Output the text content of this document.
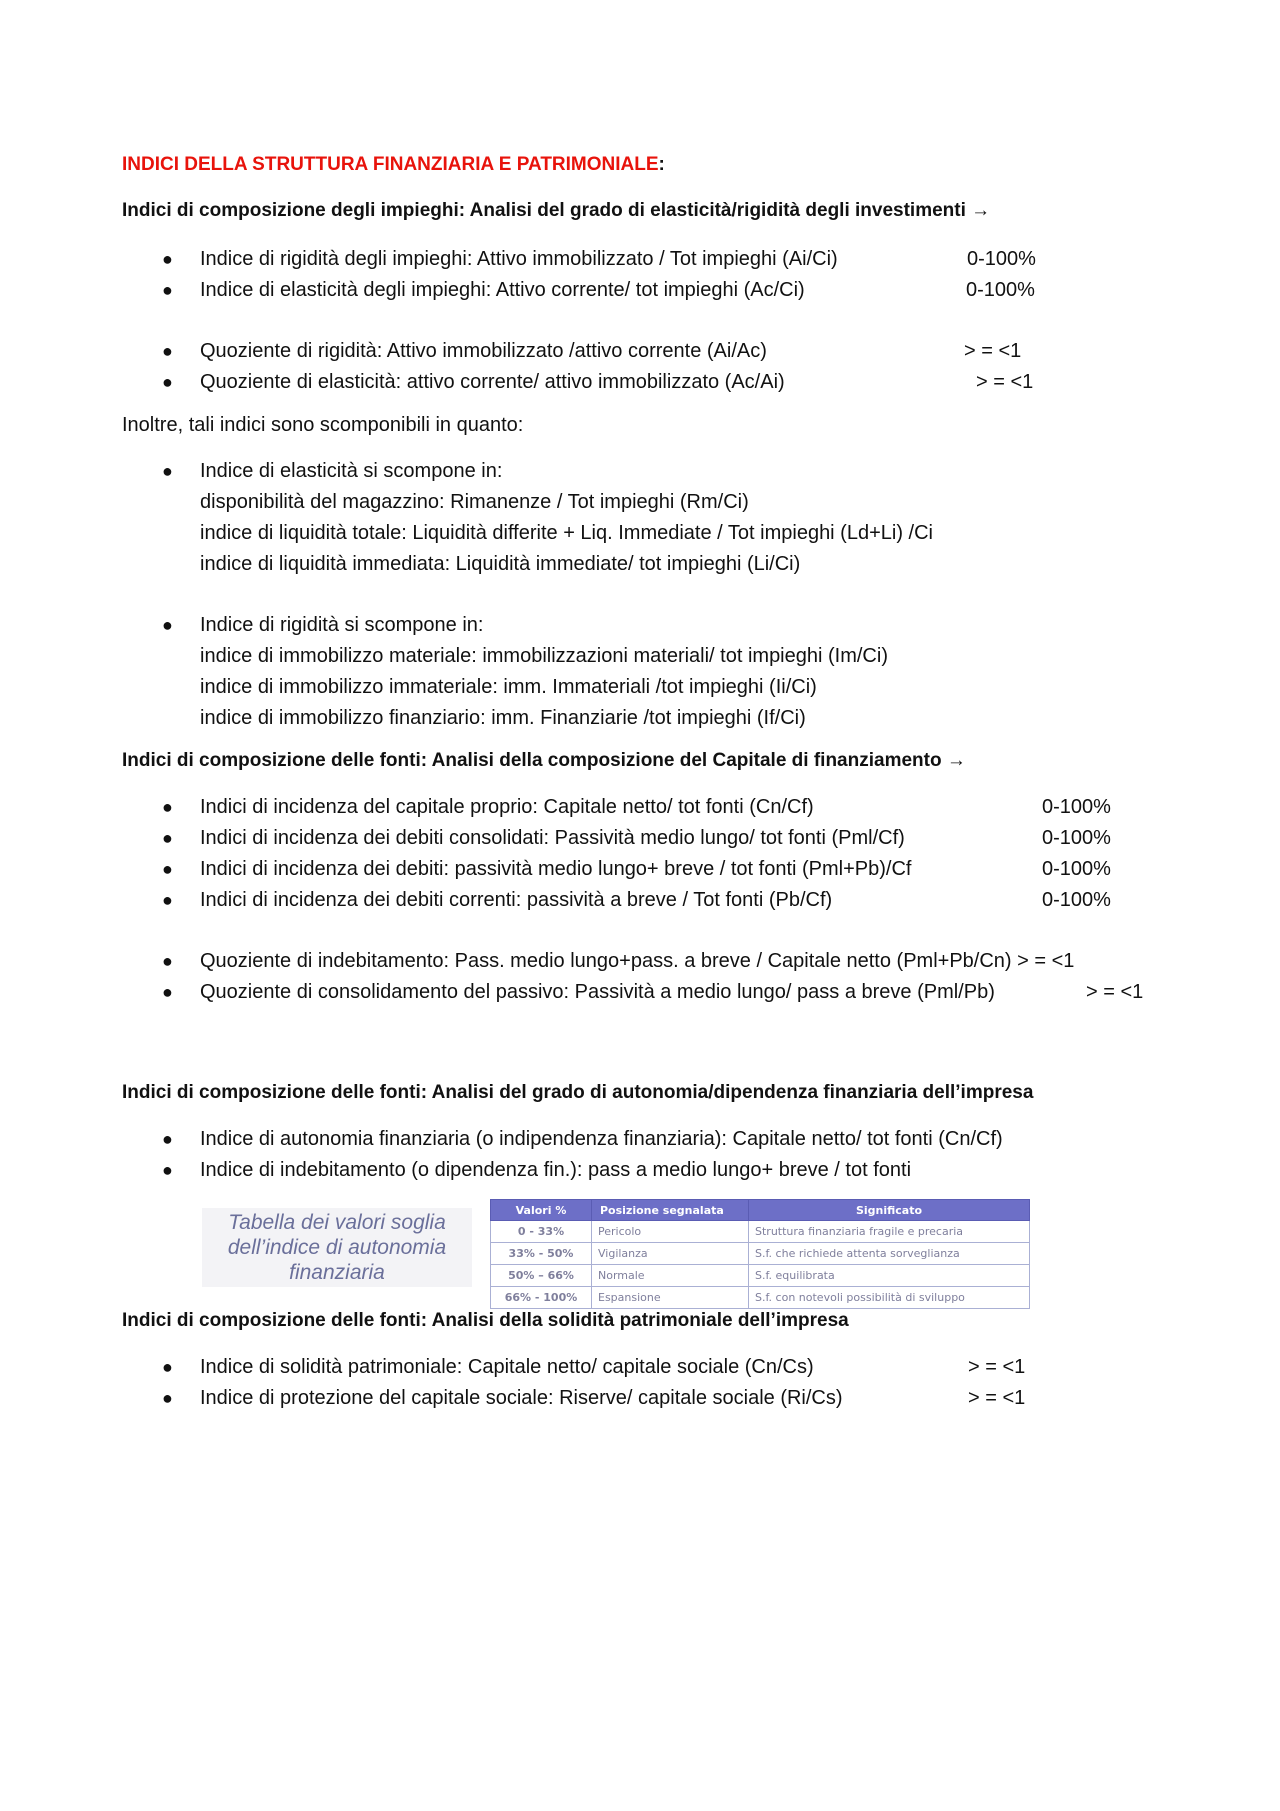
INDICI DELLA STRUTTURA FINANZIARIA E PATRIMONIALE:

Indici di composizione degli impieghi: Analisi del grado di elasticità/rigidità degli investimenti →

● Indice di rigidità degli impieghi: Attivo immobilizzato / Tot impieghi (Ai/Ci)	0-100%
● Indice di elasticità degli impieghi: Attivo corrente/ tot impieghi (Ac/Ci)	0-100%
● Quoziente di rigidità: Attivo immobilizzato /attivo corrente (Ai/Ac)	> = <1
● Quoziente di elasticità: attivo corrente/ attivo immobilizzato (Ac/Ai)	> = <1

Inoltre, tali indici sono scomponibili in quanto:

● Indice di elasticità si scompone in:
disponibilità del magazzino: Rimanenze / Tot impieghi (Rm/Ci)
indice di liquidità totale: Liquidità differite + Liq. Immediate / Tot impieghi (Ld+Li) /Ci
indice di liquidità immediata: Liquidità immediate/ tot impieghi (Li/Ci)
● Indice di rigidità si scompone in:
indice di immobilizzo materiale: immobilizzazioni materiali/ tot impieghi (Im/Ci)
indice di immobilizzo immateriale: imm. Immateriali /tot impieghi (Ii/Ci)
indice di immobilizzo finanziario: imm. Finanziarie /tot impieghi (If/Ci)

Indici di composizione delle fonti: Analisi della composizione del Capitale di finanziamento →

● Indici di incidenza del capitale proprio: Capitale netto/ tot fonti (Cn/Cf)	0-100%
● Indici di incidenza dei debiti consolidati: Passività medio lungo/ tot fonti (Pml/Cf)	0-100%
● Indici di incidenza dei debiti: passività medio lungo+ breve / tot fonti (Pml+Pb)/Cf	0-100%
● Indici di incidenza dei debiti correnti: passività a breve / Tot fonti (Pb/Cf)	0-100%
● Quoziente di indebitamento: Pass. medio lungo+pass. a breve / Capitale netto (Pml+Pb/Cn) > = <1
● Quoziente di consolidamento del passivo: Passività a medio lungo/ pass a breve (Pml/Pb)	> = <1

Indici di composizione delle fonti: Analisi del grado di autonomia/dipendenza finanziaria dell’impresa

● Indice di autonomia finanziaria (o indipendenza finanziaria): Capitale netto/ tot fonti (Cn/Cf)
● Indice di indebitamento (o dipendenza fin.): pass a medio lungo+ breve / tot fonti
Tabella dei valori soglia dell’indice di autonomia finanziaria
Valori %	Posizione segnalata	Significato
0 - 33%	Pericolo	Struttura finanziaria fragile e precaria
33% - 50%	Vigilanza	S.f. che richiede attenta sorveglianza
50% – 66%	Normale	S.f. equilibrata
66% - 100%	Espansione	S.f. con notevoli possibilità di sviluppo

Indici di composizione delle fonti: Analisi della solidità patrimoniale dell’impresa

● Indice di solidità patrimoniale: Capitale netto/ capitale sociale (Cn/Cs)	> = <1
● Indice di protezione del capitale sociale: Riserve/ capitale sociale (Ri/Cs)	> = <1
